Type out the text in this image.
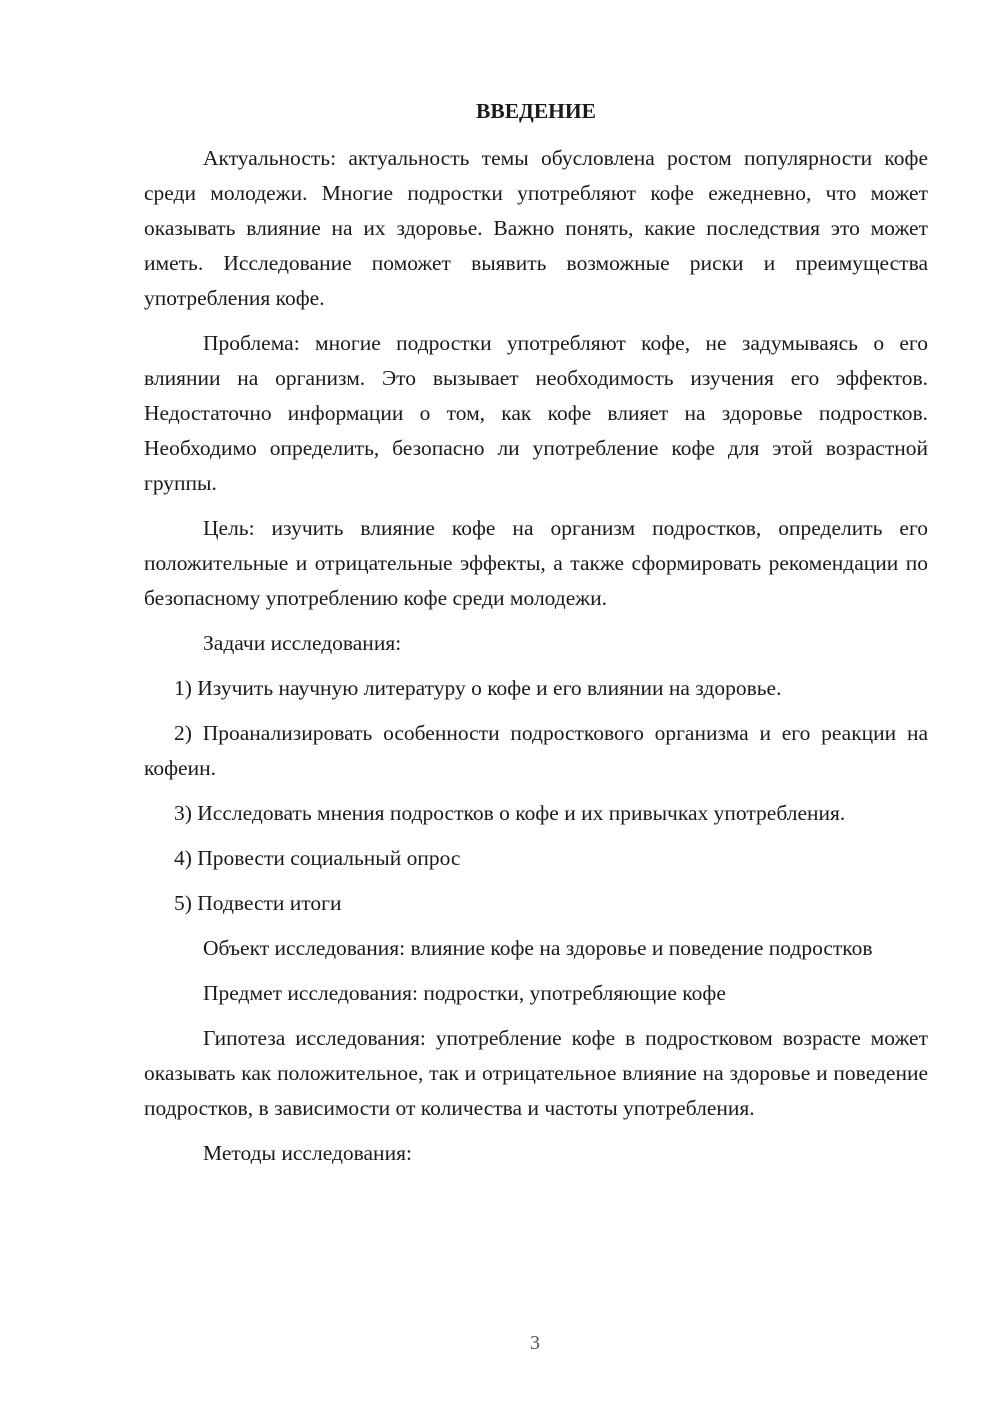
ВВЕДЕНИЕ

Актуальность: актуальность темы обусловлена ростом популярности кофе среди молодежи. Многие подростки употребляют кофе ежедневно, что может оказывать влияние на их здоровье. Важно понять, какие последствия это может иметь. Исследование поможет выявить возможные риски и преимущества употребления кофе.

Проблема: многие подростки употребляют кофе, не задумываясь о его влиянии на организм. Это вызывает необходимость изучения его эффектов. Недостаточно информации о том, как кофе влияет на здоровье подростков. Необходимо определить, безопасно ли употребление кофе для этой возрастной группы.

Цель: изучить влияние кофе на организм подростков, определить его положительные и отрицательные эффекты, а также сформировать рекомендации по безопасному употреблению кофе среди молодежи.

Задачи исследования:

1) Изучить научную литературу о кофе и его влиянии на здоровье.

2) Проанализировать особенности подросткового организма и его реакции на кофеин.

3) Исследовать мнения подростков о кофе и их привычках употребления.

4) Провести социальный опрос

5) Подвести итоги

Объект исследования: влияние кофе на здоровье и поведение подростков

Предмет исследования: подростки, употребляющие кофе

Гипотеза исследования: употребление кофе в подростковом возрасте может оказывать как положительное, так и отрицательное влияние на здоровье и поведение подростков, в зависимости от количества и частоты употребления.

Методы исследования:

3
